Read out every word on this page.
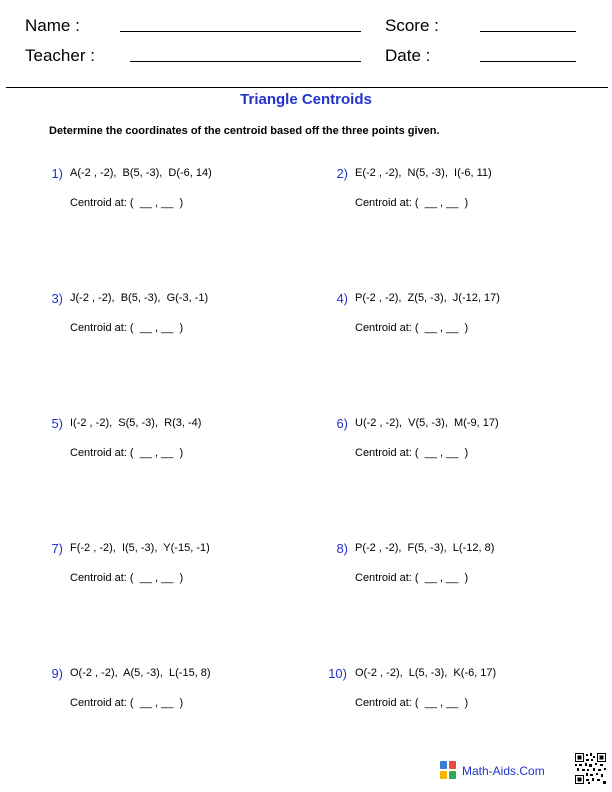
Name :	Score :
Teacher :	Date :
Triangle Centroids
Determine the coordinates of the centroid based off the three points given.
1) A(-2 , -2),  B(5, -3),  D(-6, 14)
Centroid at: (  __ , __  )
2) E(-2 , -2),  N(5, -3),  I(-6, 11)
Centroid at: (  __ , __  )
3) J(-2 , -2),  B(5, -3),  G(-3, -1)
Centroid at: (  __ , __  )
4) P(-2 , -2),  Z(5, -3),  J(-12, 17)
Centroid at: (  __ , __  )
5) I(-2 , -2),  S(5, -3),  R(3, -4)
Centroid at: (  __ , __  )
6) U(-2 , -2),  V(5, -3),  M(-9, 17)
Centroid at: (  __ , __  )
7) F(-2 , -2),  I(5, -3),  Y(-15, -1)
Centroid at: (  __ , __  )
8) P(-2 , -2),  F(5, -3),  L(-12, 8)
Centroid at: (  __ , __  )
9) O(-2 , -2),  A(5, -3),  L(-15, 8)
Centroid at: (  __ , __  )
10) O(-2 , -2),  L(5, -3),  K(-6, 17)
Centroid at: (  __ , __  )
Math-Aids.Com
